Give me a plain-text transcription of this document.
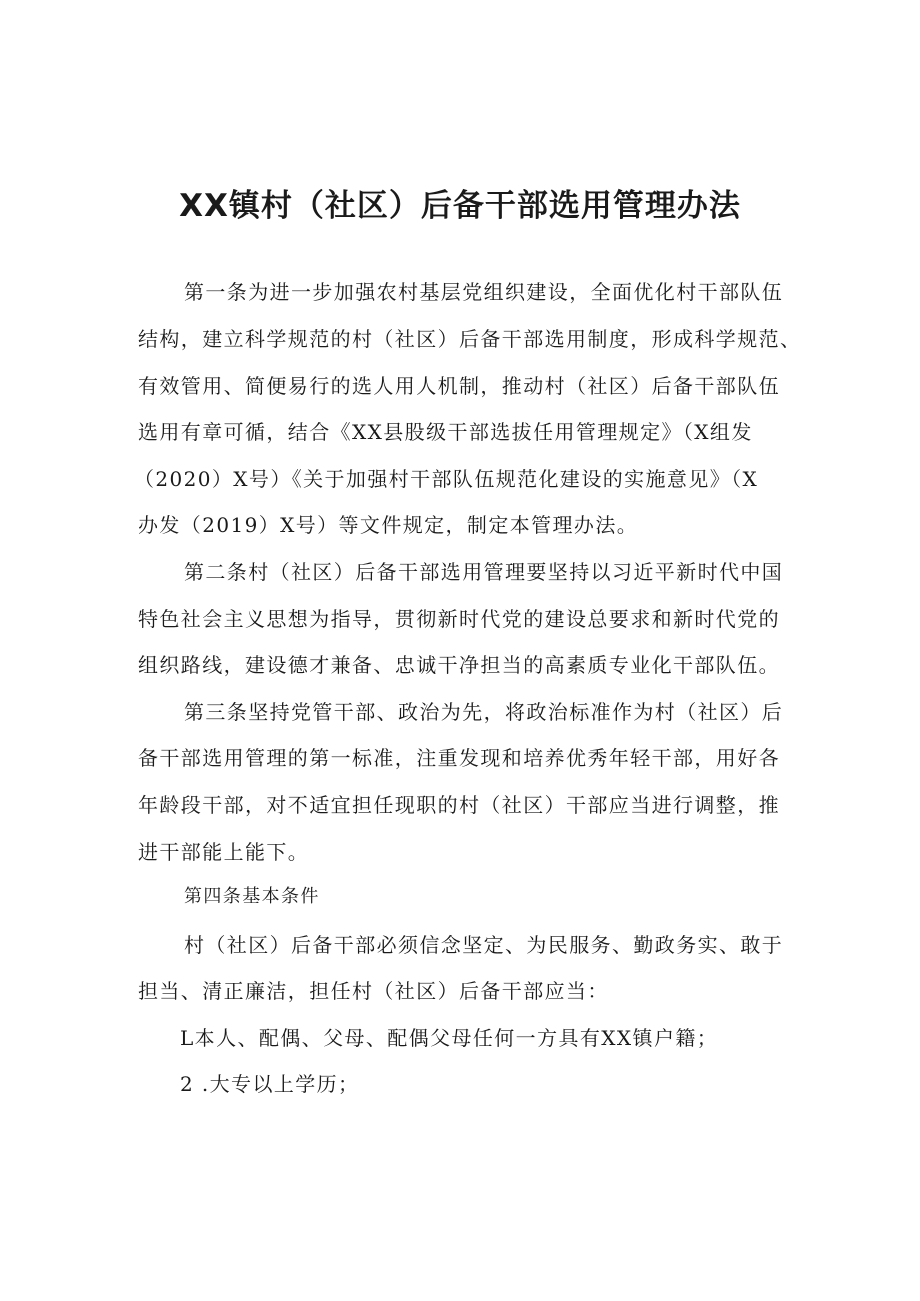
XX镇村（社区）后备干部选用管理办法
第一条为进一步加强农村基层党组织建设，全面优化村干部队伍
结构，建立科学规范的村（社区）后备干部选用制度，形成科学规范、
有效管用、简便易行的选人用人机制，推动村（社区）后备干部队伍
选用有章可循，结合《XX县股级干部选拔任用管理规定》（X组发
（2020）X号）《关于加强村干部队伍规范化建设的实施意见》（X
办发（2019）X号）等文件规定，制定本管理办法。
第二条村（社区）后备干部选用管理要坚持以习近平新时代中国
特色社会主义思想为指导，贯彻新时代党的建设总要求和新时代党的
组织路线，建设德才兼备、忠诚干净担当的高素质专业化干部队伍。
第三条坚持党管干部、政治为先，将政治标准作为村（社区）后
备干部选用管理的第一标准，注重发现和培养优秀年轻干部，用好各
年龄段干部，对不适宜担任现职的村（社区）干部应当进行调整，推
进干部能上能下。
第四条基本条件
村（社区）后备干部必须信念坚定、为民服务、勤政务实、敢于
担当、清正廉洁，担任村（社区）后备干部应当：
L本人、配偶、父母、配偶父母任何一方具有XX镇户籍；
2 .大专以上学历；
